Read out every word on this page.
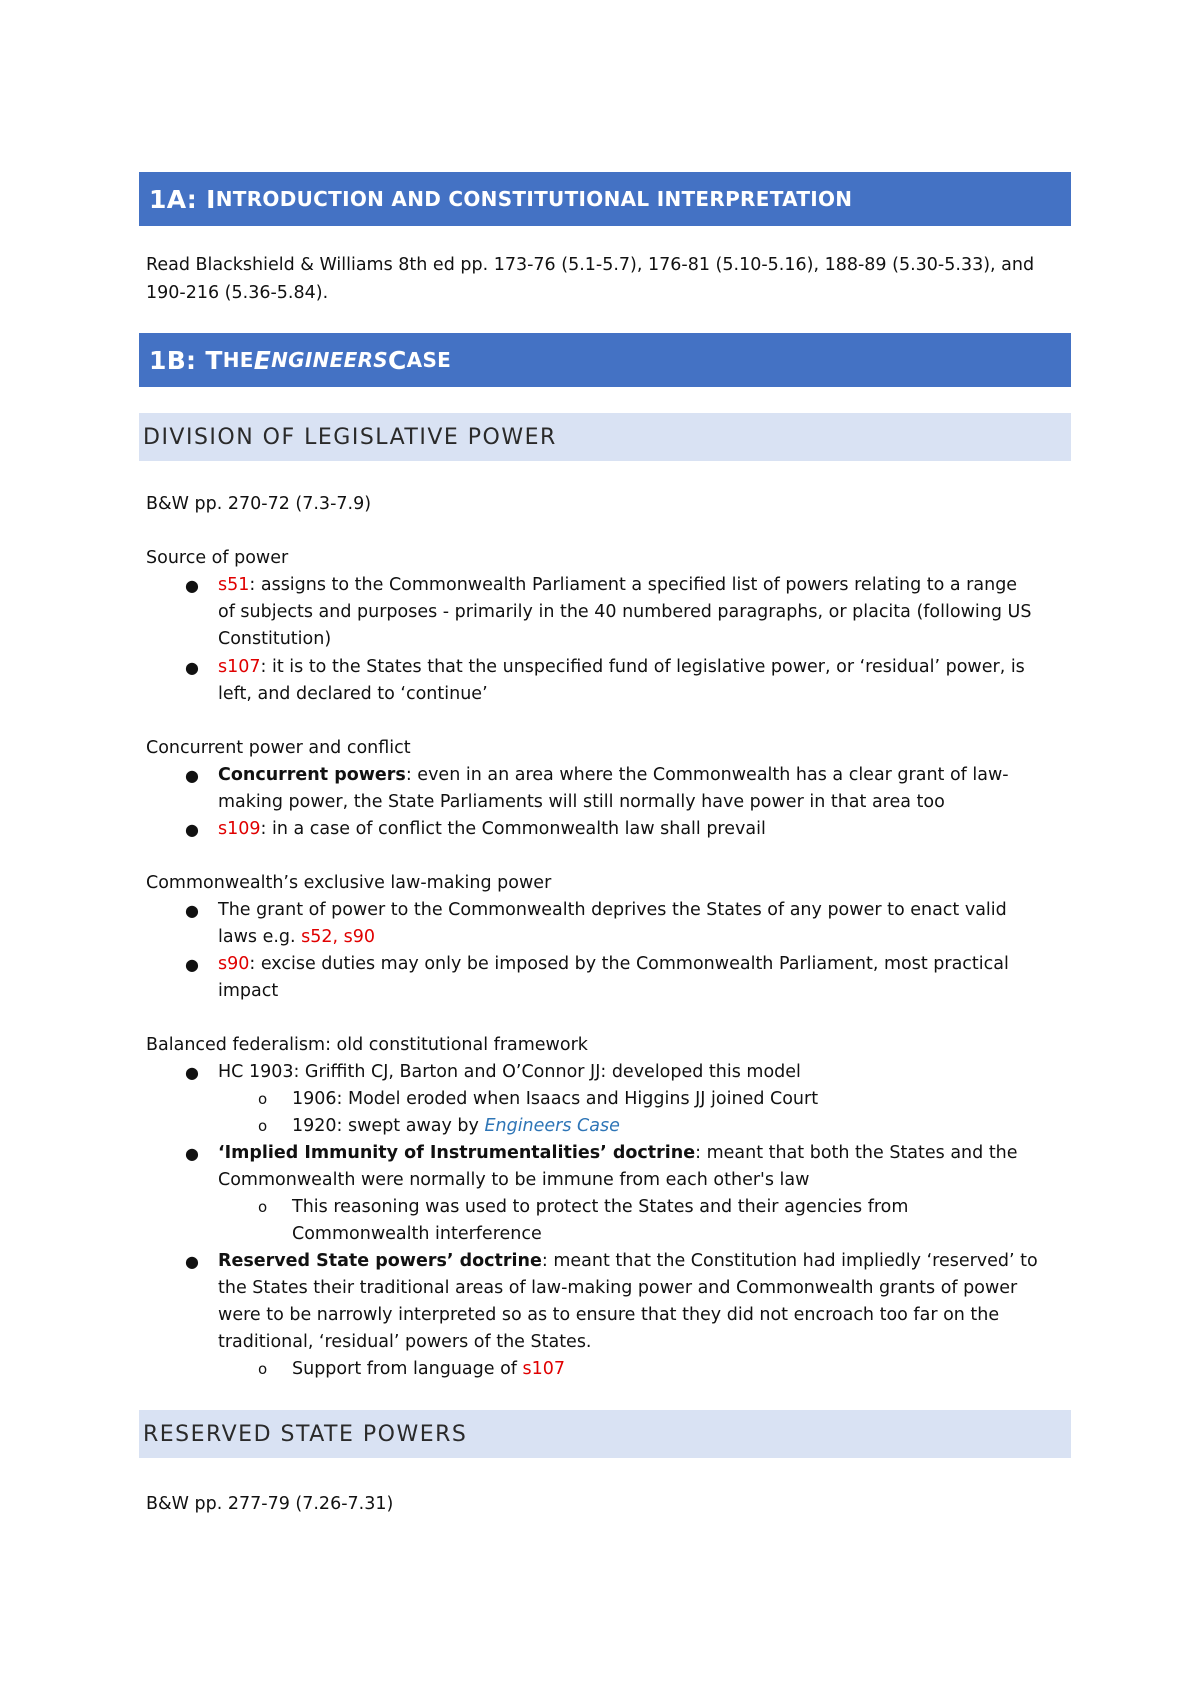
1A:
I NTRODUCTION AND CONSTITUTIONAL INTERPRETATION
Read Blackshield & Williams 8th ed pp. 173-76 (5.1-5.7), 176-81 (5.10-5.16), 188-89 (5.30-5.33), and
190-216 (5.36-5.84).
1B:
T HE E NGINEERS C ASE
DIVISION OF LEGISLATIVE POWER
B&W pp. 270-72 (7.3-7.9)
Source of power
● s51: assigns to the Commonwealth Parliament a specified list of powers relating to a range
of subjects and purposes - primarily in the 40 numbered paragraphs, or placita (following US
Constitution)
● s107: it is to the States that the unspecified fund of legislative power, or ‘residual’ power, is
left, and declared to ‘continue’
Concurrent power and conflict
● Concurrent powers: even in an area where the Commonwealth has a clear grant of law-
making power, the State Parliaments will still normally have power in that area too
● s109: in a case of conflict the Commonwealth law shall prevail
Commonwealth’s exclusive law-making power
● The grant of power to the Commonwealth deprives the States of any power to enact valid
laws e.g. s52, s90
● s90: excise duties may only be imposed by the Commonwealth Parliament, most practical
impact
Balanced federalism: old constitutional framework
● HC 1903: Griffith CJ, Barton and O’Connor JJ: developed this model
o 1906: Model eroded when Isaacs and Higgins JJ joined Court
o 1920: swept away by Engineers Case
● ‘Implied Immunity of Instrumentalities’ doctrine: meant that both the States and the
Commonwealth were normally to be immune from each other's law
o This reasoning was used to protect the States and their agencies from
Commonwealth interference
● Reserved State powers’ doctrine: meant that the Constitution had impliedly ‘reserved’ to
the States their traditional areas of law-making power and Commonwealth grants of power
were to be narrowly interpreted so as to ensure that they did not encroach too far on the
traditional, ‘residual’ powers of the States.
o Support from language of s107
RESERVED STATE POWERS
B&W pp. 277-79 (7.26-7.31)
